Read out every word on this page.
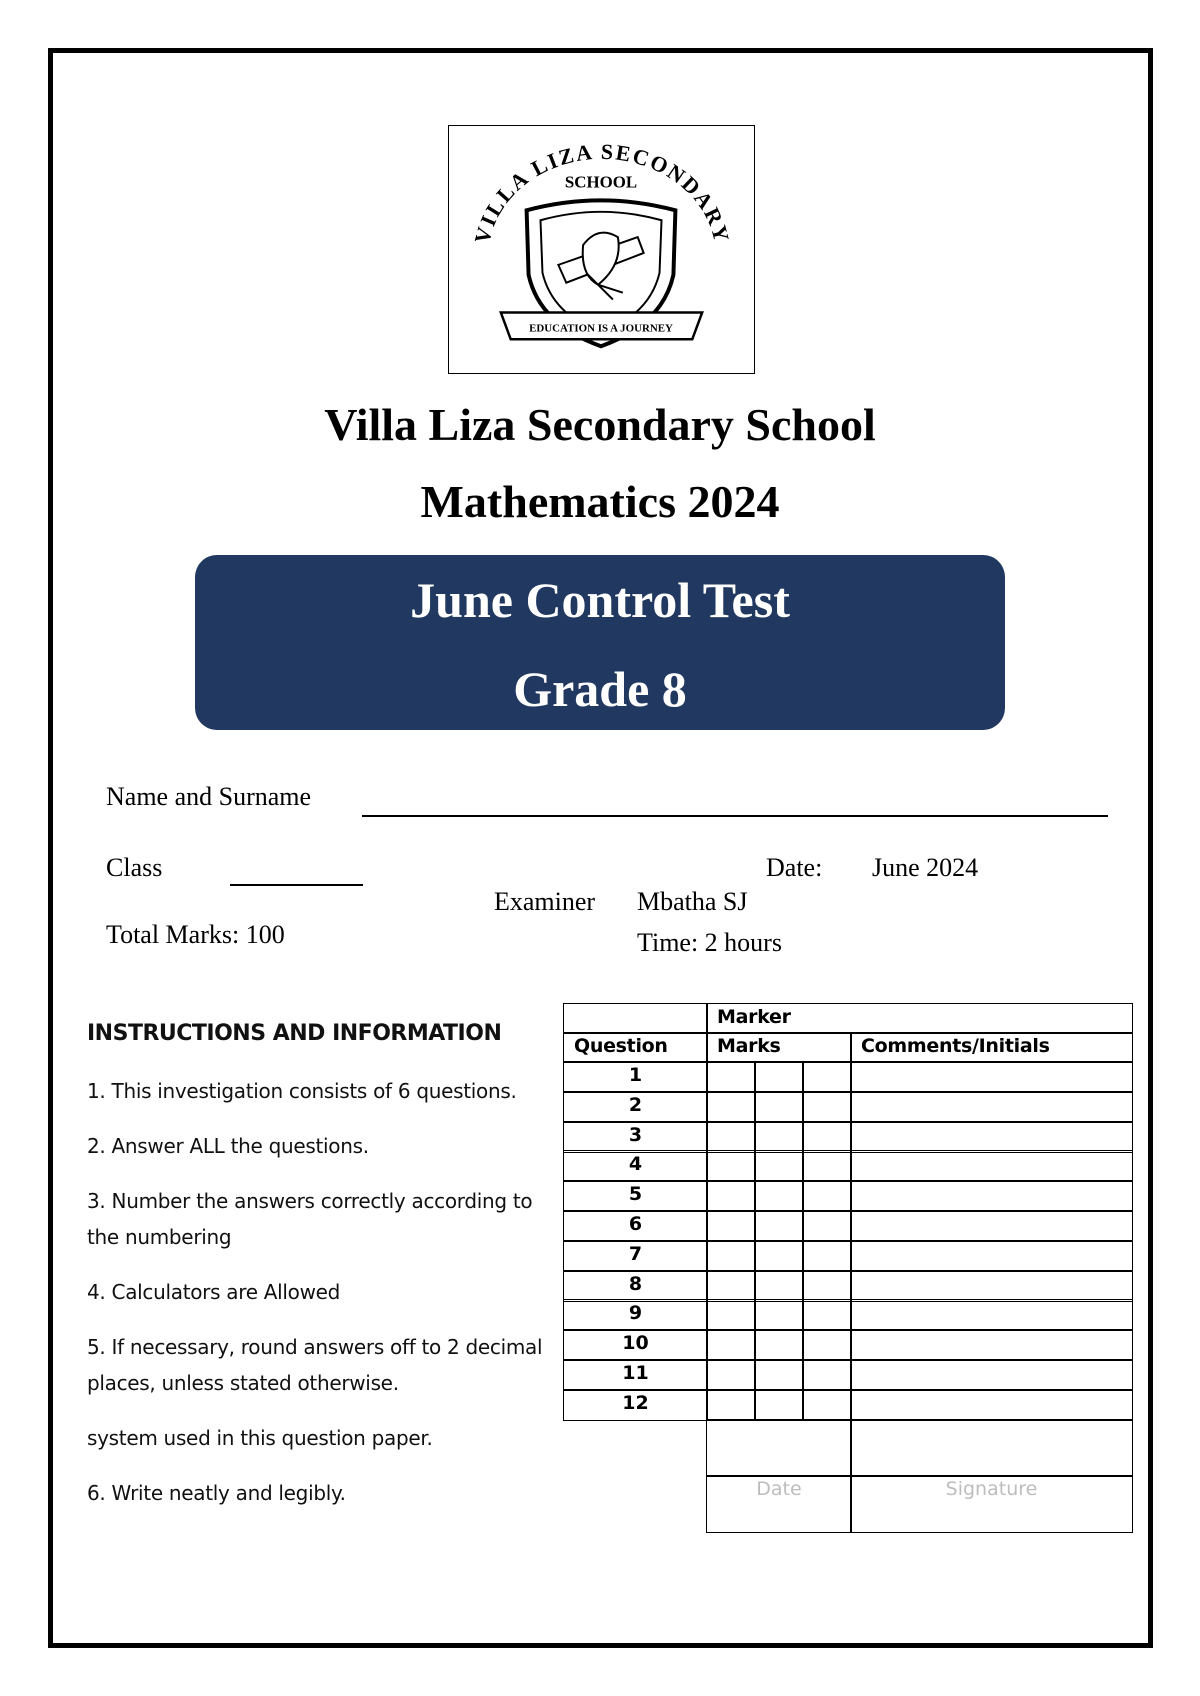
VILLA LIZA SECONDARY
SCHOOL
EDUCATION IS A JOURNEY
Villa Liza Secondary School
Mathematics 2024
June Control Test
Grade 8
Name and Surname
Class	Date: June 2024
Examiner Mbatha SJ
Total Marks: 100	Time: 2 hours
INSTRUCTIONS AND INFORMATION
1. This investigation consists of 6 questions.
2. Answer ALL the questions.
3. Number the answers correctly according to the numbering
4. Calculators are Allowed
5. If necessary, round answers off to 2 decimal places, unless stated otherwise.
system used in this question paper.
6. Write neatly and legibly.
Marker
Question	Marks	Comments/Initials
1
2
3
4
5
6
7
8
9
10
11
12
Date	Signature
